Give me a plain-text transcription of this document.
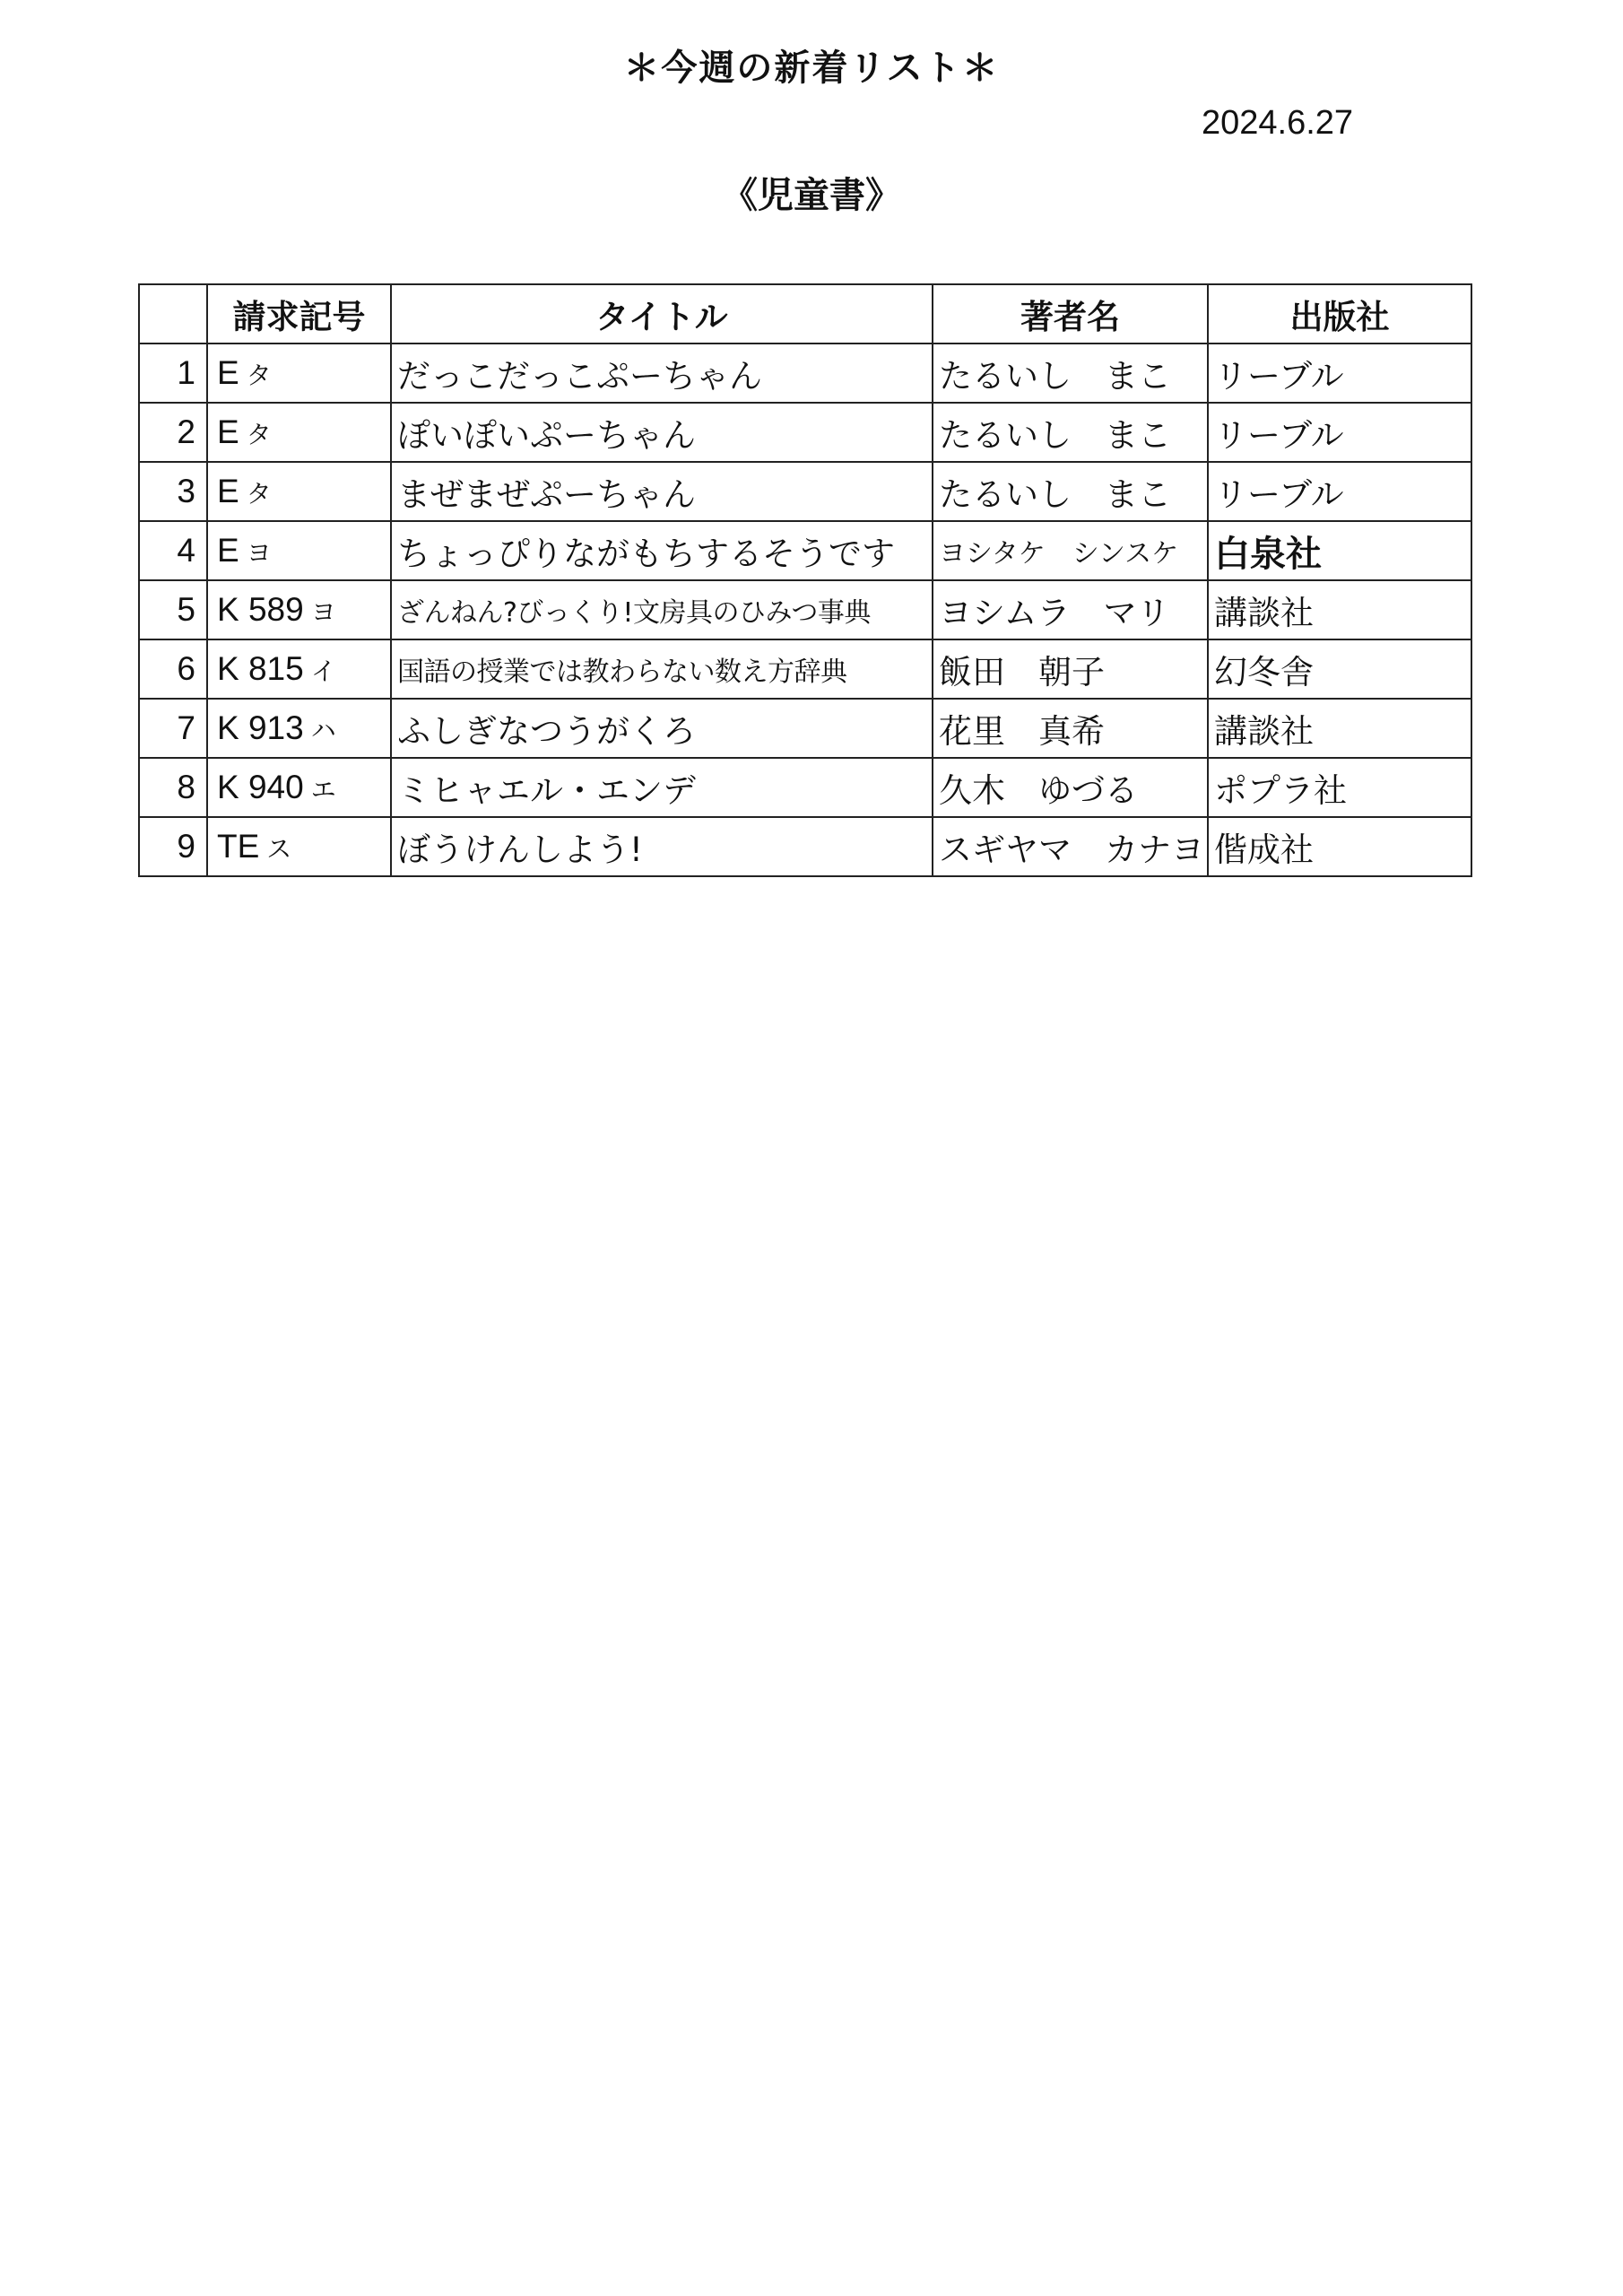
＊今週の新着リスト＊
2024.6.27
《児童書》
	請求記号	タイトル	著者名	出版社
1	E タ	だっこだっこぷーちゃん	たるいし　まこ	リーブル
2	E タ	ぽいぽいぷーちゃん	たるいし　まこ	リーブル
3	E タ	まぜまぜぷーちゃん	たるいし　まこ	リーブル
4	E ヨ	ちょっぴりながもちするそうです	ヨシタケ　シンスケ	白泉社
5	K 589 ヨ	ざんねん?びっくり!文房具のひみつ事典	ヨシムラ　マリ	講談社
6	K 815 イ	国語の授業では教わらない数え方辞典	飯田　朝子	幻冬舎
7	K 913 ハ	ふしぎなつうがくろ	花里　真希	講談社
8	K 940 エ	ミヒャエル・エンデ	久木　ゆづる	ポプラ社
9	TE ス	ぼうけんしよう!	スギヤマ　カナヨ	偕成社
